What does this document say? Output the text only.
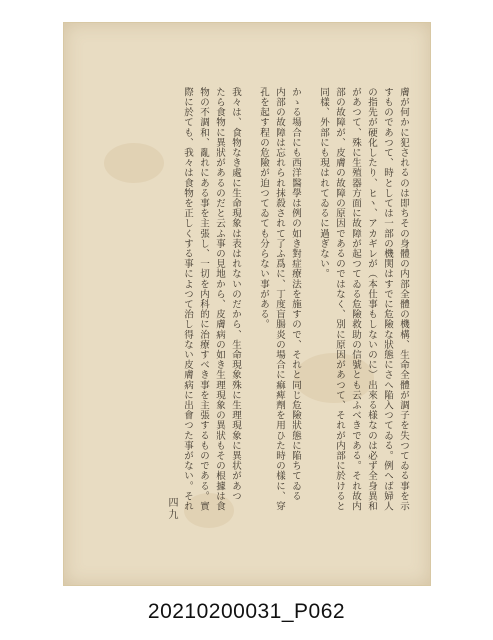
膚が何かに犯されるのは即ちその身體の内部全體の機構、生命全體が調子を失つてゐる事を示
すものであつて、時としては一部の機関はすでに危險な狀態にさへ陥入つてゐる。例へば婦人
の指先が硬化したり、ヒヽ、アカギレが（本仕事もしないのに）出來る様なのは必ず全身異和
があつて、殊に生殖器方面に故障が起つてゐる危險救助の信號とも云ふべきである。それ故内
部の故障が、皮膚の故障の原因であるのではなく、別に原因があつて、それが内部に於けると
同樣、外部にも現はれてゐるに過ぎない。
かゝる場合にも西洋醫學は例の如き對症療法を施すので、それと同じ危險狀態に陥ちてゐる
内部の故障は忘れられ抹殺されて了ふ爲に、丁度盲腸炎の場合に痲痺劑を用ひた時の樣に、穿
孔を起す程の危險が迫つてゐても分らない事がある。
我々は、食物なき處に生命現象は表はれないのだから、生命現象殊に生理現象に異状があつ
たら食物に異狀があるのだと云ふ事の見地から、皮膚病の如き生理現象の異狀もその根據は食
物の不調和、亂れにある事を主張し、一切を内科的に治療すべき事を主張するものである。實
際に於ても、我々は食物を正しくする事によつて治し得ない皮膚病に出會つた事がない。それ
四九
20210200031_P062
